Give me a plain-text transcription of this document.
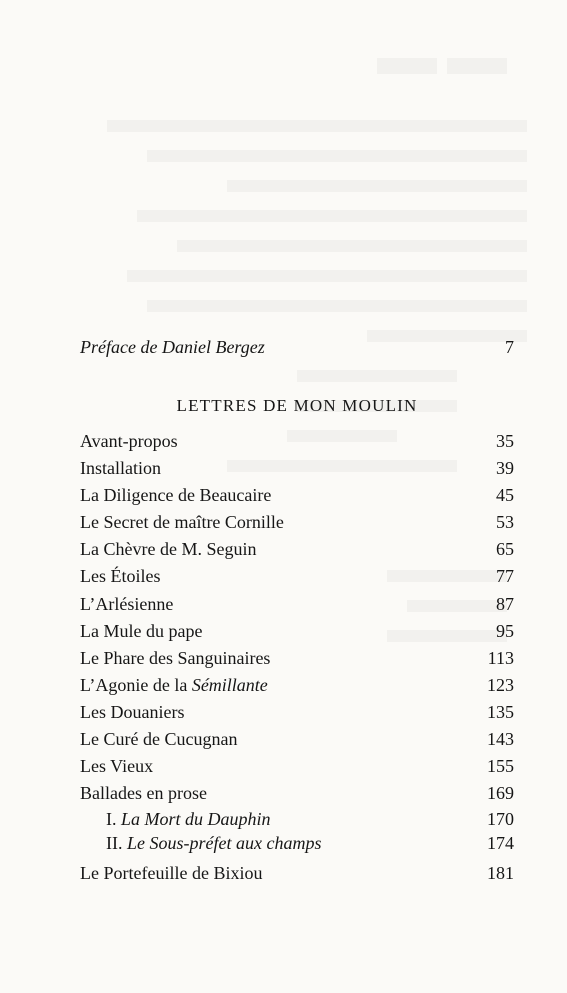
Préface de Daniel Bergez	7
LETTRES DE MON MOULIN
Avant-propos	35
Installation	39
La Diligence de Beaucaire	45
Le Secret de maître Cornille	53
La Chèvre de M. Seguin	65
Les Étoiles	77
L’Arlésienne	87
La Mule du pape	95
Le Phare des Sanguinaires	113
L’Agonie de la Sémillante	123
Les Douaniers	135
Le Curé de Cucugnan	143
Les Vieux	155
Ballades en prose	169
I. La Mort du Dauphin	170
II. Le Sous-préfet aux champs	174
Le Portefeuille de Bixiou	181
